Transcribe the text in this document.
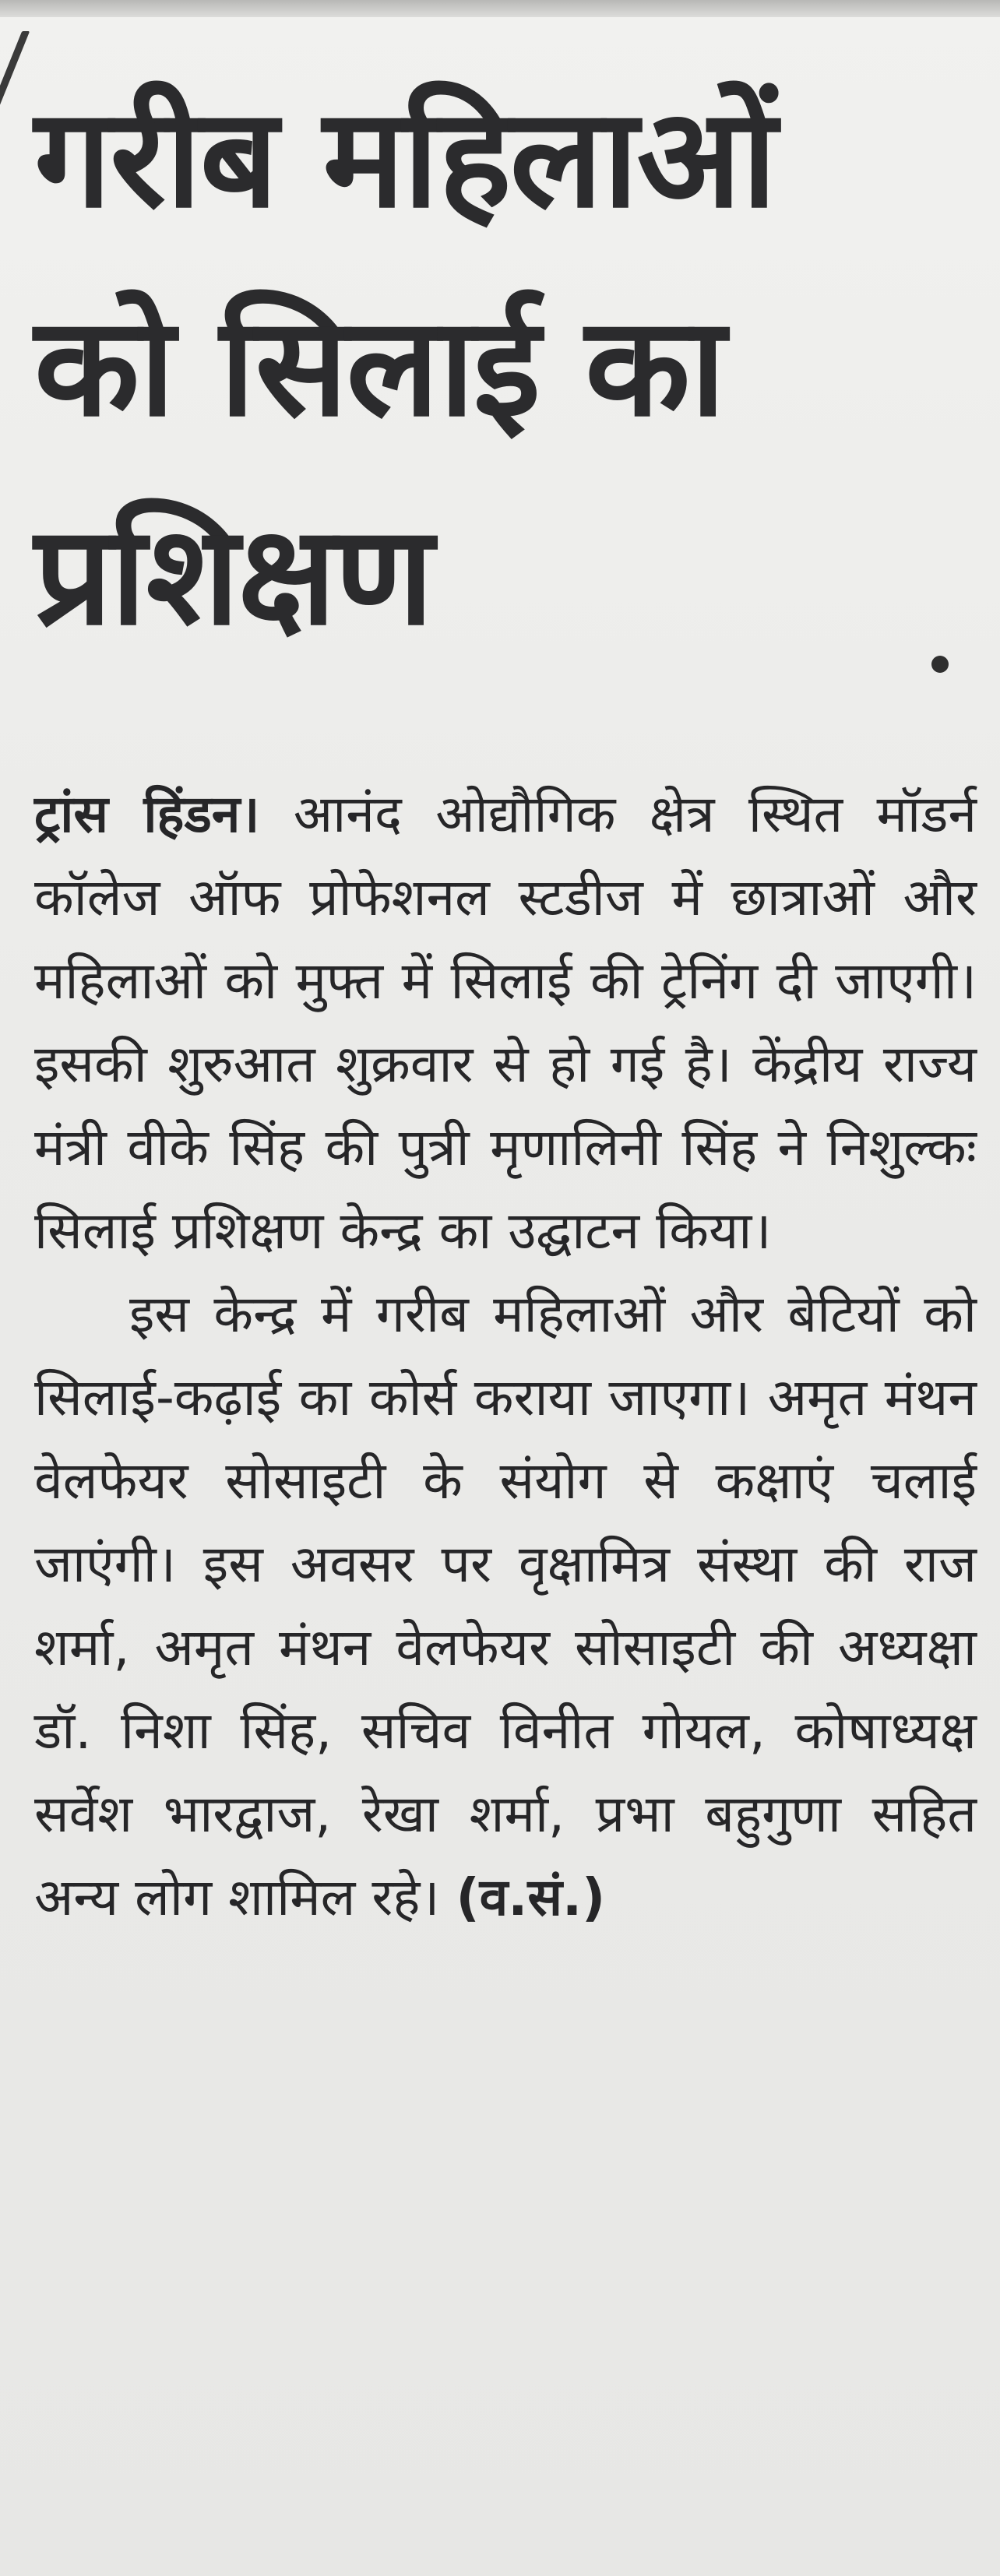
गरीब महिलाओं
को सिलाई का
प्रशिक्षण

ट्रांस हिंडन। आनंद ओद्यौगिक क्षेत्र स्थित मॉडर्न कॉलेज ऑफ प्रोफेशनल स्टडीज में छात्राओं और महिलाओं को मुफ्त में सिलाई की ट्रेनिंग दी जाएगी। इसकी शुरुआत शुक्रवार से हो गई है। केंद्रीय राज्य मंत्री वीके सिंह की पुत्री मृणालिनी सिंह ने निशुल्कः सिलाई प्रशिक्षण केन्द्र का उद्घाटन किया।

इस केन्द्र में गरीब महिलाओं और बेटियों को सिलाई-कढ़ाई का कोर्स कराया जाएगा। अमृत मंथन वेलफेयर सोसाइटी के संयोग से कक्षाएं चलाई जाएंगी। इस अवसर पर वृक्षामित्र संस्था की राज शर्मा, अमृत मंथन वेलफेयर सोसाइटी की अध्यक्षा डॉ. निशा सिंह, सचिव विनीत गोयल, कोषाध्यक्ष सर्वेश भारद्वाज, रेखा शर्मा, प्रभा बहुगुणा सहित अन्य लोग शामिल रहे। (व.सं.)
